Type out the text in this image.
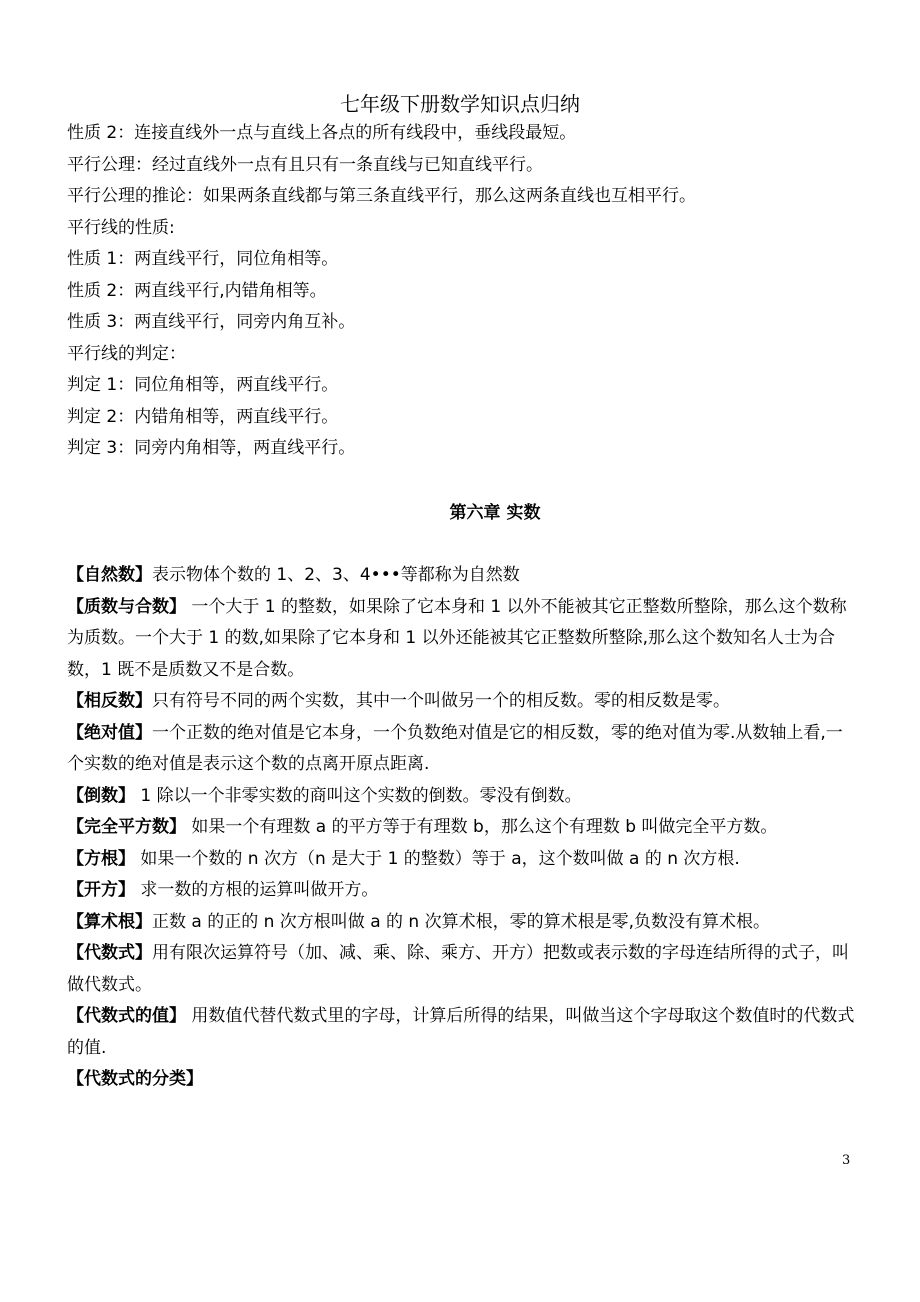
七年级下册数学知识点归纳

性质 2：连接直线外一点与直线上各点的所有线段中，垂线段最短。

平行公理：经过直线外一点有且只有一条直线与已知直线平行。

平行公理的推论：如果两条直线都与第三条直线平行，那么这两条直线也互相平行。

平行线的性质:

性质 1：两直线平行，同位角相等。

性质 2：两直线平行,内错角相等。

性质 3：两直线平行，同旁内角互补。

平行线的判定：

判定 1：同位角相等，两直线平行。

判定 2：内错角相等，两直线平行。

判定 3：同旁内角相等，两直线平行。

第六章 实数

【自然数】表示物体个数的 1、2、3、4•••等都称为自然数

【质数与合数】 一个大于 1 的整数，如果除了它本身和 1 以外不能被其它正整数所整除，那么这个数称为质数。一个大于 1 的数,如果除了它本身和 1 以外还能被其它正整数所整除,那么这个数知名人士为合数，1 既不是质数又不是合数。

【相反数】只有符号不同的两个实数，其中一个叫做另一个的相反数。零的相反数是零。

【绝对值】一个正数的绝对值是它本身，一个负数绝对值是它的相反数，零的绝对值为零.从数轴上看,一个实数的绝对值是表示这个数的点离开原点距离.

【倒数】 1 除以一个非零实数的商叫这个实数的倒数。零没有倒数。

【完全平方数】 如果一个有理数 a 的平方等于有理数 b，那么这个有理数 b 叫做完全平方数。

【方根】 如果一个数的 n 次方（n 是大于 1 的整数）等于 a，这个数叫做 a 的 n 次方根.

【开方】 求一数的方根的运算叫做开方。

【算术根】正数 a 的正的 n 次方根叫做 a 的 n 次算术根，零的算术根是零,负数没有算术根。

【代数式】用有限次运算符号（加、减、乘、除、乘方、开方）把数或表示数的字母连结所得的式子，叫做代数式。

【代数式的值】 用数值代替代数式里的字母，计算后所得的结果，叫做当这个字母取这个数值时的代数式的值.

【代数式的分类】

3
